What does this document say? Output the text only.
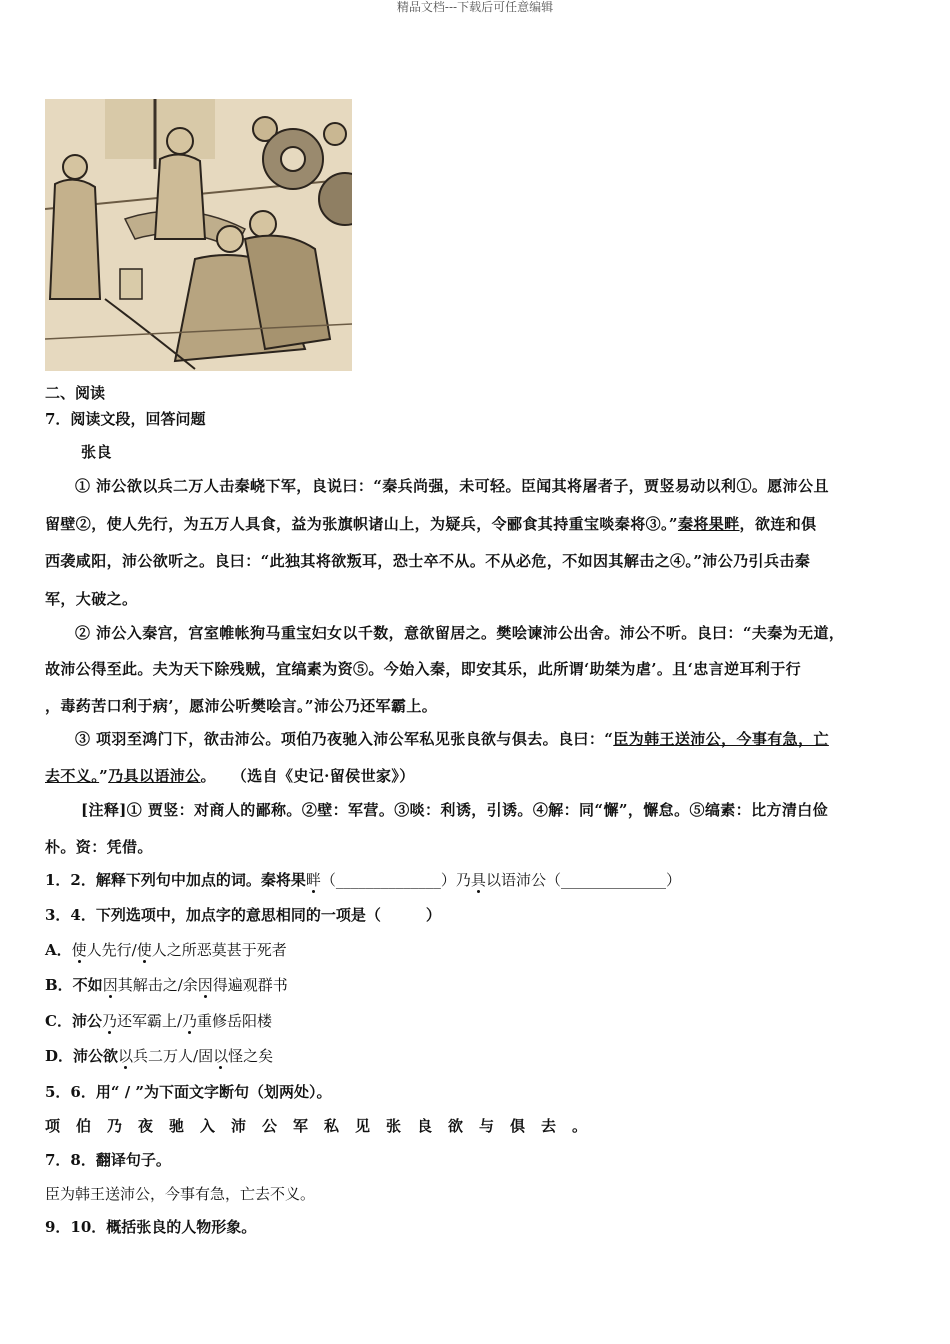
精品文档---下载后可任意编辑
二、阅读
7．阅读文段，回答问题
张良
① 沛公欲以兵二万人击秦峣下军，良说曰：“秦兵尚强，未可轻。臣闻其将屠者子，贾竖易动以利①。愿沛公且
留壁②，使人先行，为五万人具食，益为张旗帜诸山上，为疑兵，令郦食其持重宝啖秦将③。”秦将果畔，欲连和俱
西袭咸阳，沛公欲听之。良曰：“此独其将欲叛耳，恐士卒不从。不从必危，不如因其解击之④。”沛公乃引兵击秦
军，大破之。
② 沛公入秦宫，宫室帷帐狗马重宝妇女以千数，意欲留居之。樊哙谏沛公出舍。沛公不听。良曰：“夫秦为无道，
故沛公得至此。夫为天下除残贼，宜缟素为资⑤。今始入秦，即安其乐，此所谓‘助桀为虐’。且‘忠言逆耳利于行
，毒药苦口利于病’，愿沛公听樊哙言。”沛公乃还军霸上。
③ 项羽至鸿门下，欲击沛公。项伯乃夜驰入沛公军私见张良欲与俱去。良曰：“臣为韩王送沛公，今事有急，亡
去不义。”乃具以语沛公。　　（选自《史记·留侯世家》）
[注释]① 贾竖：对商人的鄙称。②壁：军营。③啖：利诱，引诱。④解：同“懈”，懈怠。⑤缟素：比方清白俭
朴。资：凭借。
1．2．解释下列句中加点的词。秦将果畔（______________）乃具以语沛公（______________）
3．4．下列选项中，加点字的意思相同的一项是（　　　）
A．使人先行/使人之所恶莫甚于死者
B．不如因其解击之/余因得遍观群书
C．沛公乃还军霸上/乃重修岳阳楼
D．沛公欲以兵二万人/固以怪之矣
5．6．用“ / ”为下面文字断句（划两处）。
项伯乃夜驰入沛公军私见张良欲与俱去。
7．8．翻译句子。
臣为韩王送沛公，今事有急，亡去不义。
9．10．概括张良的人物形象。
